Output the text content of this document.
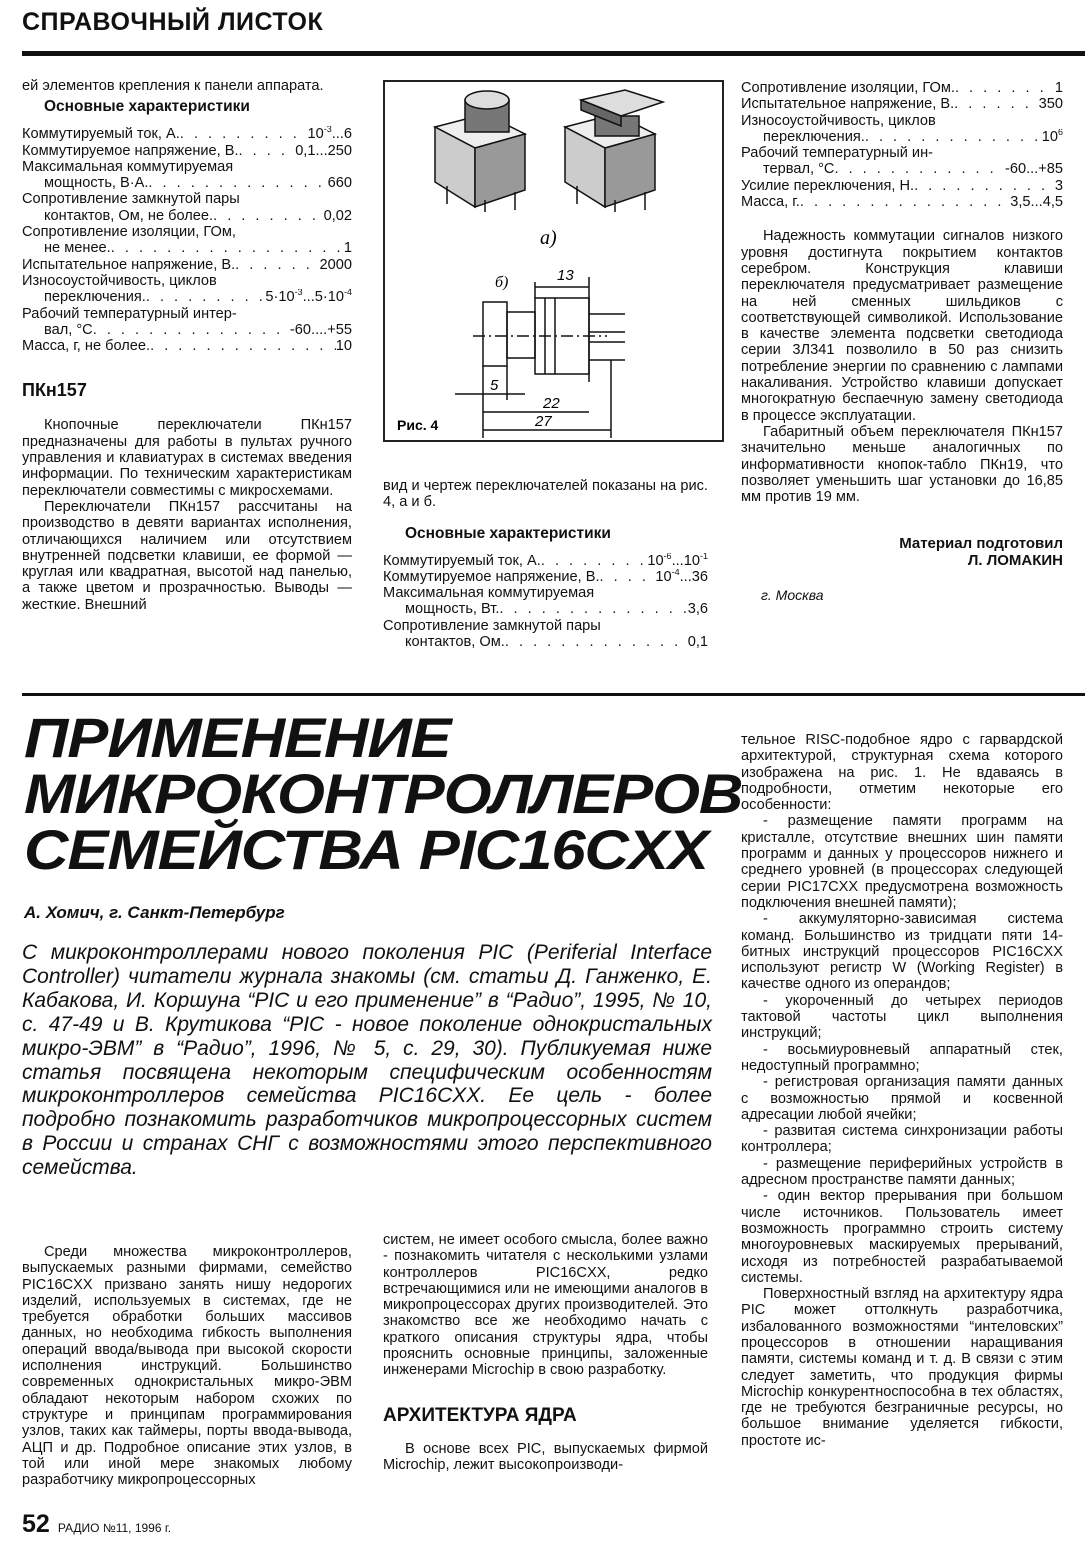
СПРАВОЧНЫЙ ЛИСТОК
ей элементов крепления к панели аппарата.
Основные характеристики
Коммутируемый ток, А. . . .	$10^{-3}...6$
Коммутируемое напряжение, В. . . .	0,1...250
Максимальная коммутируемая
мощность, В·А. . . .	660
Сопротивление замкнутой пары
контактов, Ом, не более. . . .	0,02
Сопротивление изоляции, ГОм,
не менее. . . .	1
Испытательное напряжение, В. . . .	2000
Износоустойчивость, циклов
переключения. . . .	$5\cdot 10^{-3}...5\cdot 10^{-4}$
Рабочий температурный интер-
вал, °С . . .	-60....+55
Масса, г, не более. . . .	10
ПКн157

Кнопочные переключатели ПКн157 предназначены для работы в пультах ручного управления и клавиатурах в системах введения информации. По техническим характеристикам переключатели совместимы с микросхемами.

Переключатели ПКн157 рассчитаны на производство в девяти вариантах исполнения, отличающихся наличием или отсутствием внутренней подсветки клавиши, ее формой — круглая или квадратная, высотой над панелью, а также цветом и прозрачностью. Выводы — жесткие. Внешний

а)
б)	13
5
22
27
Рис. 4
вид и чертеж переключателей показаны на рис. 4, а и б.
Основные характеристики
Коммутируемый ток, А. . . .	$10^{-6}...10^{-1}$
Коммутируемое напряжение, В. . . .	$10^{-4}...36$
Максимальная коммутируемая
мощность, Вт. . . .	3,6
Сопротивление замкнутой пары
контактов, Ом. . . .	0,1
Сопротивление изоляции, ГОм. . . .	1
Испытательное напряжение, В. . . .	350
Износоустойчивость, циклов
переключения. . . .	$10^6$
Рабочий температурный ин-
тервал, °С . . .	-60...+85
Усилие переключения, Н. . . .	3
Масса, г. . . .	3,5...4,5

Надежность коммутации сигналов низкого уровня достигнута покрытием контактов серебром. Конструкция клавиши переключателя предусматривает размещение на ней сменных шильдиков с соответствующей символикой. Использование в качестве элемента подсветки светодиода серии 3Л341 позволило в 50 раз снизить потребление энергии по сравнению с лампами накаливания. Устройство клавиши допускает многократную беспаечную замену светодиода в процессе эксплуатации.

Габаритный объем переключателя ПКн157 значительно меньше аналогичных по информативности кнопок-табло ПКн19, что позволяет уменьшить шаг установки до 16,85 мм против 19 мм.

Материал подготовил
Л. ЛОМАКИН
г. Москва
ПРИМЕНЕНИЕ
МИКРОКОНТРОЛЛЕРОВ
СЕМЕЙСТВА PIC16CXX
А. Хомич, г. Санкт-Петербург
С микроконтроллерами нового поколения PIC (Periferial Interface Controller) читатели журнала знакомы (см. статьи Д. Ганженко, Е. Кабакова, И. Коршуна “PIC и его применение” в “Радио”, 1995, № 10, с. 47-49 и В. Крутикова “PIC - новое поколение однокристальных микро-ЭВМ” в “Радио”, 1996, № 5, с. 29, 30). Публикуемая ниже статья посвящена некоторым специфическим особенностям микроконтроллеров семейства PIC16CXX. Ее цель - более подробно познакомить разработчиков микропроцессорных систем в России и странах СНГ с возможностями этого перспективного семейства.

Среди множества микроконтроллеров, выпускаемых разными фирмами, семейство PIC16CXX призвано занять нишу недорогих изделий, используемых в системах, где не требуется обработки больших массивов данных, но необходима гибкость выполнения операций ввода/вывода при высокой скорости исполнения инструкций. Большинство современных однокристальных микро-ЭВМ обладают некоторым набором схожих по структуре и принципам программирования узлов, таких как таймеры, порты ввода-вывода, АЦП и др. Подробное описание этих узлов, в той или иной мере знакомых любому разработчику микропроцессорных

систем, не имеет особого смысла, более важно - познакомить читателя с несколькими узлами контроллеров PIC16CXX, редко встречающимися или не имеющими аналогов в микропроцессорах других производителей. Это знакомство все же необходимо начать с краткого описания структуры ядра, чтобы прояснить основные принципы, заложенные инженерами Microchip в свою разработку.

АРХИТЕКТУРА ЯДРА

В основе всех PIC, выпускаемых фирмой Microchip, лежит высокопроизводи-

тельное RISC-подобное ядро с гарвардской архитектурой, структурная схема которого изображена на рис. 1. Не вдаваясь в подробности, отметим некоторые его особенности:

- размещение памяти программ на кристалле, отсутствие внешних шин памяти программ и данных у процессоров нижнего и среднего уровней (в процессорах следующей серии PIC17CXX предусмотрена возможность подключения внешней памяти);

- аккумуляторно-зависимая система команд. Большинство из тридцати пяти 14-битных инструкций процессоров PIC16CXX используют регистр W (Working Register) в качестве одного из операндов;

- укороченный до четырех периодов тактовой частоты цикл выполнения инструкций;

- восьмиуровневый аппаратный стек, недоступный программно;

- регистровая организация памяти данных с возможностью прямой и косвенной адресации любой ячейки;

- развитая система синхронизации работы контроллера;

- размещение периферийных устройств в адресном пространстве памяти данных;

- один вектор прерывания при большом числе источников. Пользователь имеет возможность программно строить систему многоуровневых маскируемых прерываний, исходя из потребностей разрабатываемой системы.

Поверхностный взгляд на архитектуру ядра PIC может оттолкнуть разработчика, избалованного возможностями “интеловских” процессоров в отношении наращивания памяти, системы команд и т. д. В связи с этим следует заметить, что продукция фирмы Microchip конкурентноспособна в тех областях, где не требуются безграничные ресурсы, но большое внимание уделяется гибкости, простоте ис-

52 РАДИО №11, 1996 г.
